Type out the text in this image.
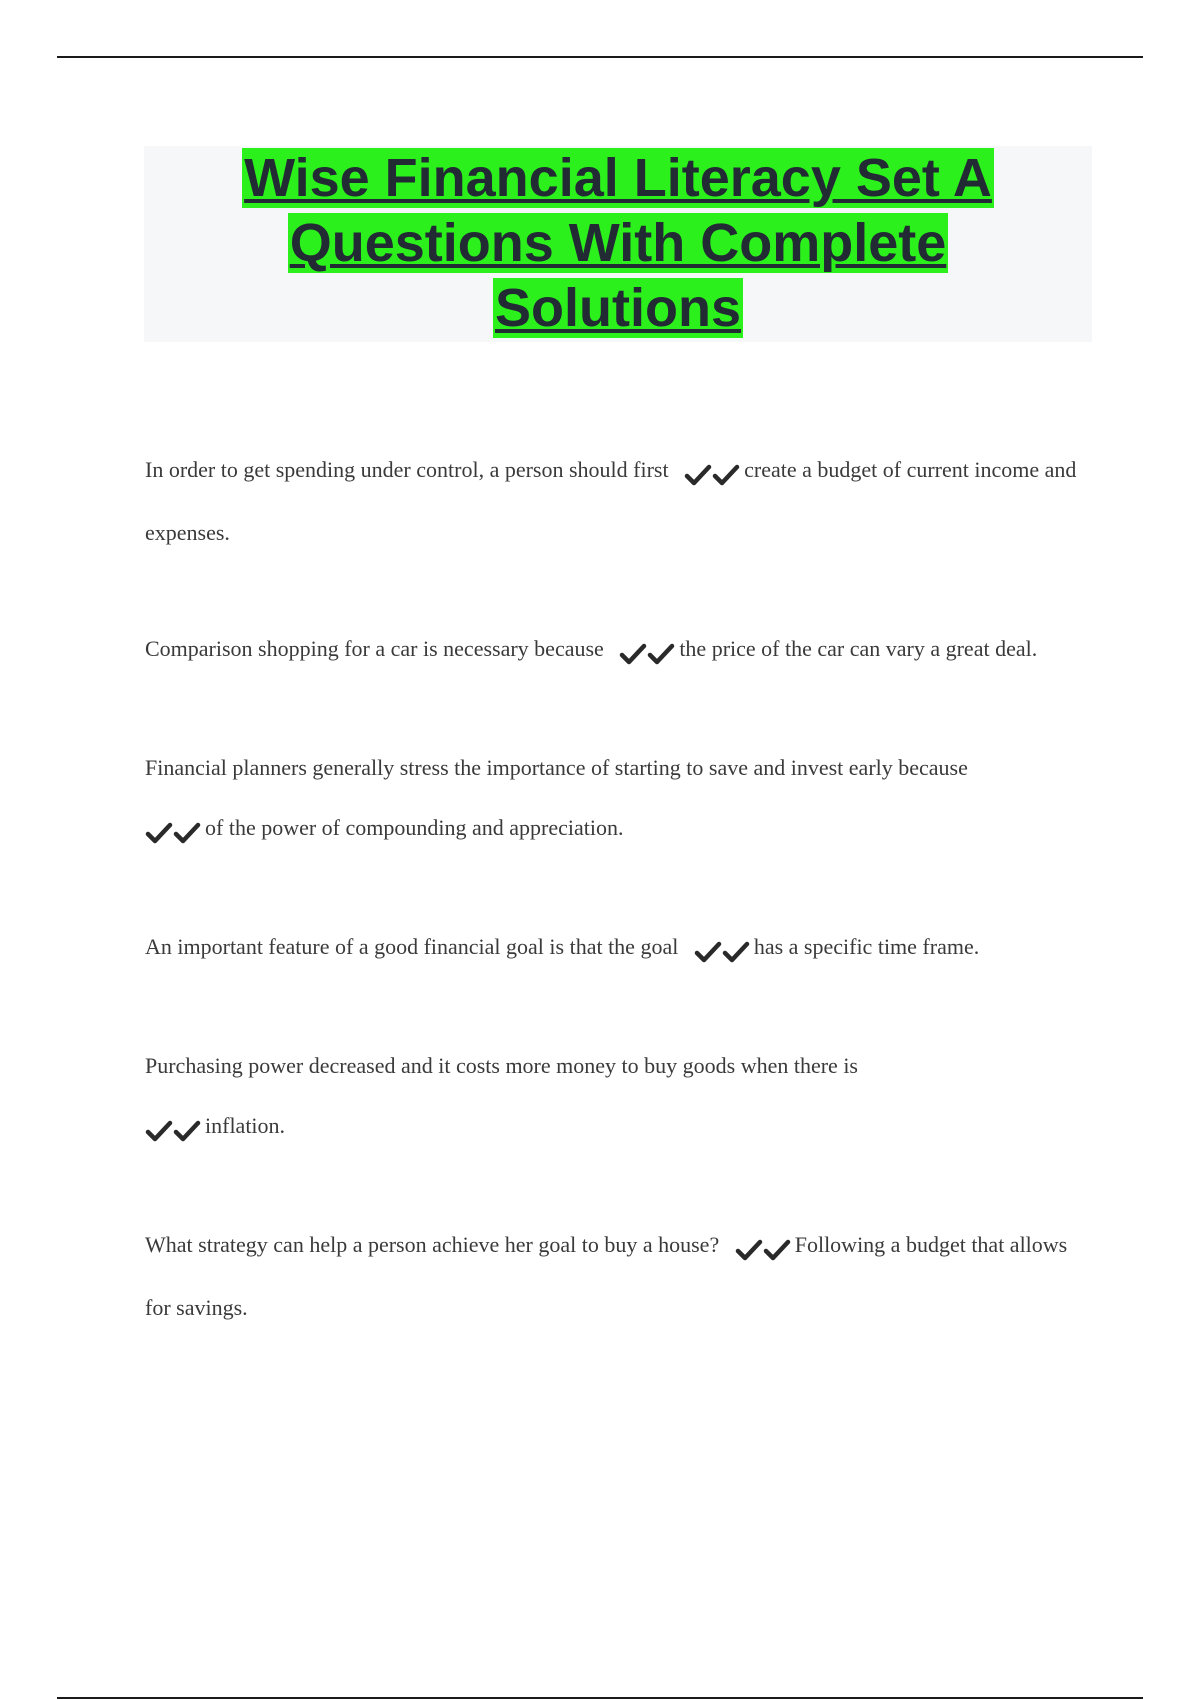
Wise Financial Literacy Set A
Questions With Complete
Solutions

In order to get spending under control, a person should first	create a budget of current income and expenses.

Comparison shopping for a car is necessary because	the price of the car can vary a great deal.

Financial planners generally stress the importance of starting to save and invest early because
of the power of compounding and appreciation.

An important feature of a good financial goal is that the goal	has a specific time frame.

Purchasing power decreased and it costs more money to buy goods when there is
inflation.

What strategy can help a person achieve her goal to buy a house?	Following a budget that allows for savings.
